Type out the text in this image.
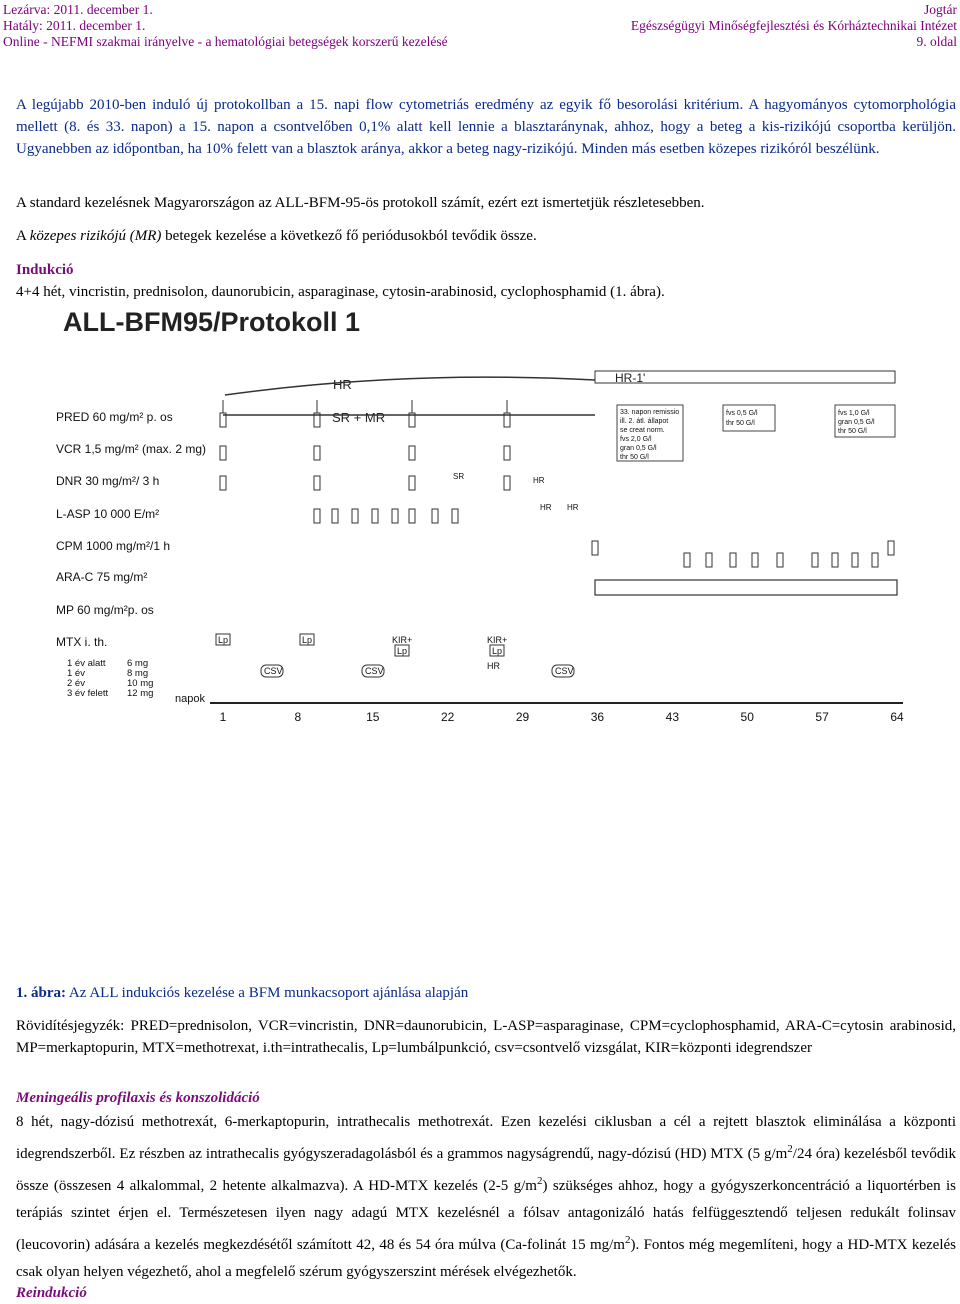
Lezárva: 2011. december 1.
Hatály: 2011. december 1.
Online - NEFMI szakmai irányelve - a hematológiai betegségek korszerű kezelésé
Jogtár
Egészségügyi Minőségfejlesztési és Kórháztechnikai Intézet
9. oldal
A legújabb 2010-ben induló új protokollban a 15. napi flow cytometriás eredmény az egyik fő besorolási kritérium. A hagyományos cytomorphológia mellett (8. és 33. napon) a 15. napon a csontvelőben 0,1% alatt kell lennie a blasztaránynak, ahhoz, hogy a beteg a kis-rizikójú csoportba kerüljön. Ugyanebben az időpontban, ha 10% felett van a blasztok aránya, akkor a beteg nagy-rizikójú. Minden más esetben közepes rizikóról beszélünk.
A standard kezelésnek Magyarországon az ALL-BFM-95-ös protokoll számít, ezért ezt ismertetjük részletesebben.
A közepes rizikójú (MR) betegek kezelése a következő fő periódusokból tevődik össze.
Indukció
4+4 hét, vincristin, prednisolon, daunorubicin, asparaginase, cytosin-arabinosid, cyclophosphamid (1. ábra).
ALL-BFM95/Protokoll 1
HR	HR-1'
SR + MR
PRED 60 mg/m² p. os
VCR 1,5 mg/m² (max. 2 mg)
DNR 30 mg/m²/ 3 h
L-ASP 10 000 E/m²
CPM 1000 mg/m²/1 h
ARA-C 75 mg/m²
MP 60 mg/m²p. os
MTX i. th.
1 év alatt
1 év
2 év
3 év felett
6 mg
8 mg
10 mg
12 mg
33. napon remissio
ill. 2. átl. állapot
se creat norm.
fvs 2,0 G/l
gran 0,5 G/l
thr 50 G/l
fvs 0,5 G/l
thr 50 G/l
fvs 1,0 G/l
gran 0,5 G/l
thr 50 G/l
Lp	Lp	KIR+
Lp
KIR+
Lp
HR
CSV	CSV	CSV
SR	HR
HR HR
napok
1	8	15	22	29	36	43	50	57	64
1. ábra: Az ALL indukciós kezelése a BFM munkacsoport ajánlása alapján
Rövidítésjegyzék: PRED=prednisolon, VCR=vincristin, DNR=daunorubicin, L-ASP=asparaginase, CPM=cyclophosphamid, ARA-C=cytosin arabinosid, MP=merkaptopurin, MTX=methotrexat, i.th=intrathecalis, Lp=lumbálpunkció, csv=csontvelő vizsgálat, KIR=központi idegrendszer
Meningeális profilaxis és konszolidáció
8 hét, nagy-dózisú methotrexát, 6-merkaptopurin, intrathecalis methotrexát. Ezen kezelési ciklusban a cél a rejtett blasztok eliminálása a központi idegrendszerből. Ez részben az intrathecalis gyógyszeradagolásból és a grammos nagyságrendű, nagy-dózisú (HD) MTX (5 $g/m^2/24$ óra) kezelésből tevődik össze (összesen 4 alkalommal, 2 hetente alkalmazva). A HD-MTX kezelés (2-5 $g/m^2$) szükséges ahhoz, hogy a gyógyszerkoncentráció a liquortérben is terápiás szintet érjen el. Természetesen ilyen nagy adagú MTX kezelésnél a fólsav antagonizáló hatás felfüggesztendő teljesen redukált folinsav (leucovorin) adására a kezelés megkezdésétől számított 42, 48 és 54 óra múlva (Ca-folinát 15 $mg/m^2$). Fontos még megemlíteni, hogy a HD-MTX kezelés csak olyan helyen végezhető, ahol a megfelelő szérum gyógyszerszint mérések elvégezhetők.
Reindukció
